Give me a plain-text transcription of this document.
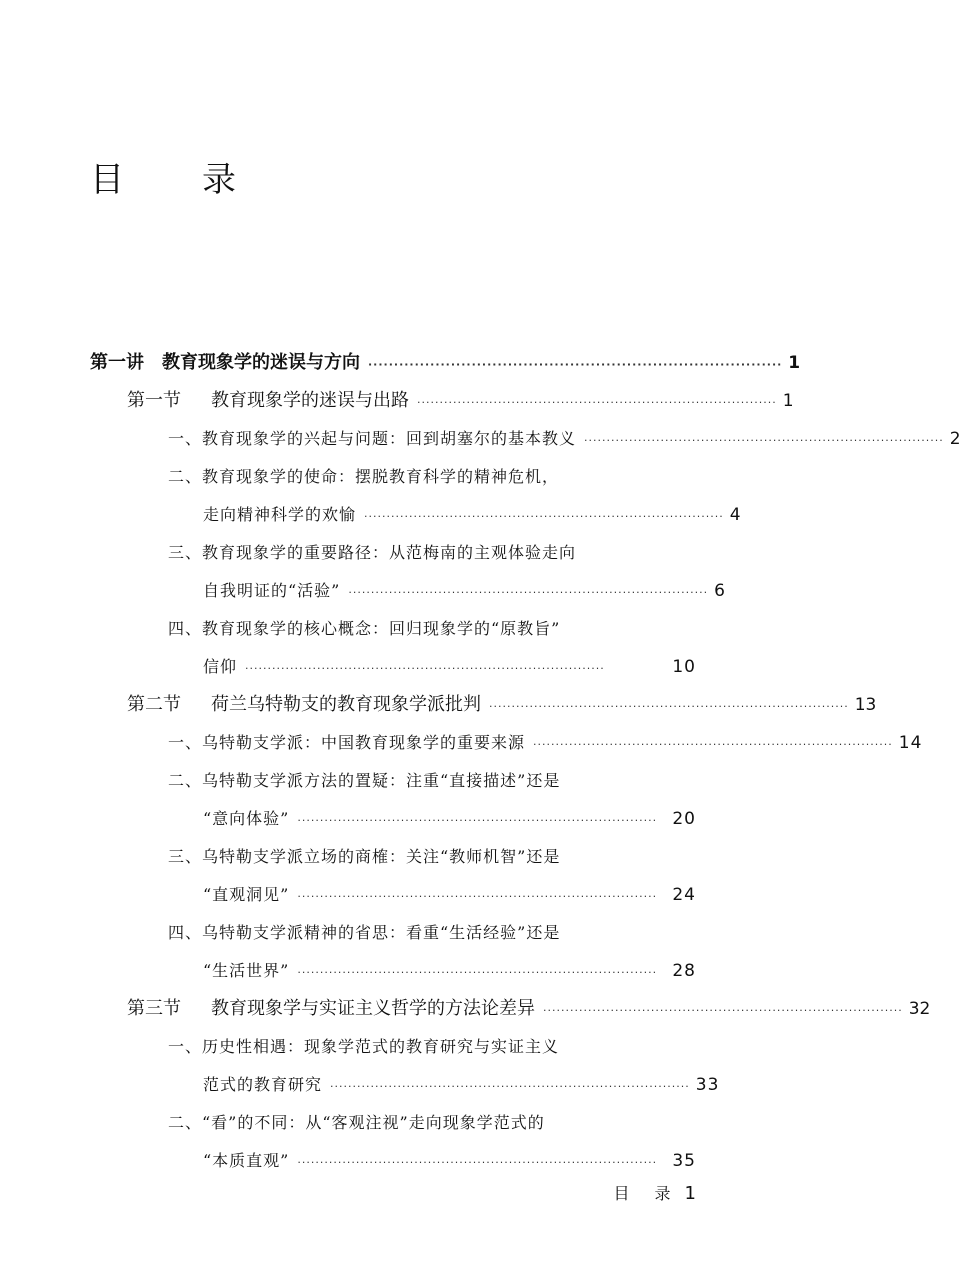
目　录
第一讲 教育现象学的迷误与方向 ················································································ 1
第一节 教育现象学的迷误与出路 ················································································ 1
一、教育现象学的兴起与问题：回到胡塞尔的基本教义 ················································································ 2
二、教育现象学的使命：摆脱教育科学的精神危机，
走向精神科学的欢愉 ················································································ 4
三、教育现象学的重要路径：从范梅南的主观体验走向
自我明证的“活验” ················································································ 6
四、教育现象学的核心概念：回归现象学的“原教旨”
信仰 ················································································	10
第二节 荷兰乌特勒支的教育现象学派批判 ················································································ 13
一、乌特勒支学派：中国教育现象学的重要来源 ················································································ 14
二、乌特勒支学派方法的置疑：注重“直接描述”还是
“意向体验” ················································································ 20
三、乌特勒支学派立场的商榷：关注“教师机智”还是
“直观洞见” ················································································ 24
四、乌特勒支学派精神的省思：看重“生活经验”还是
“生活世界” ················································································ 28
第三节 教育现象学与实证主义哲学的方法论差异 ················································································ 32
一、历史性相遇：现象学范式的教育研究与实证主义
范式的教育研究 ················································································ 33
二、“看”的不同：从“客观注视”走向现象学范式的
“本质直观” ················································································ 35
目 录 1
